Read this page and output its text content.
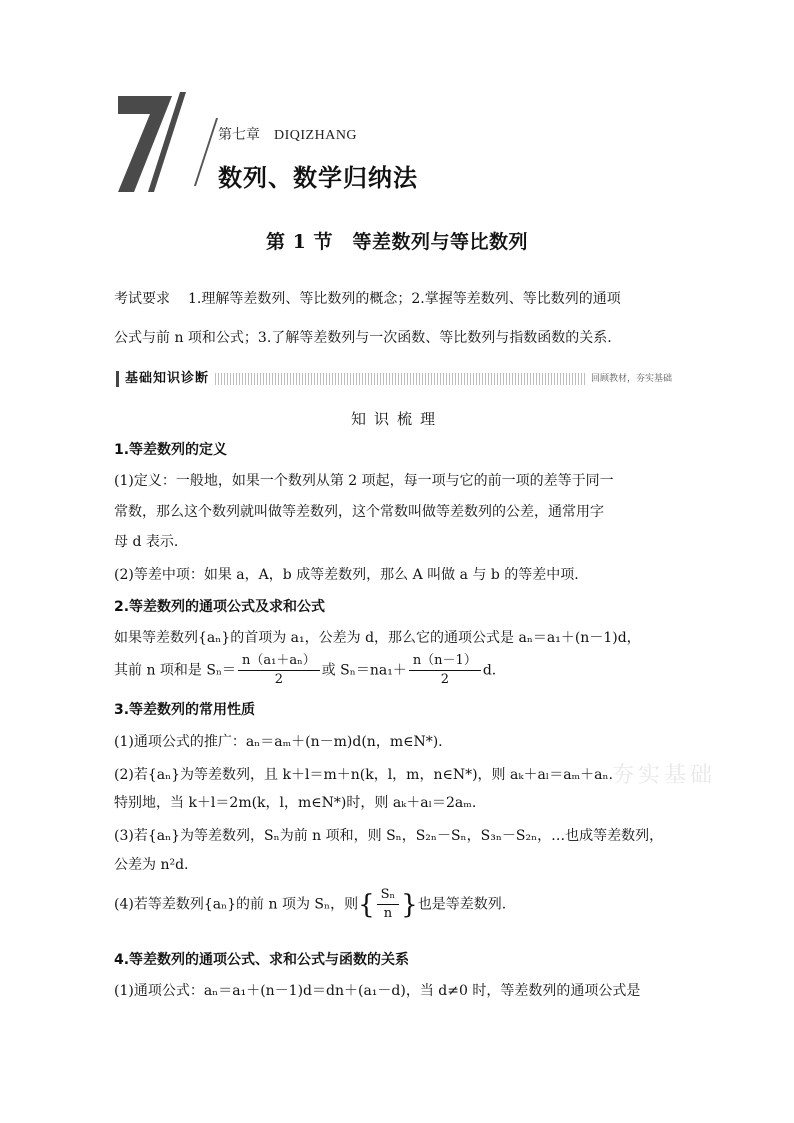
第七章 DIQIZHANG
数列、数学归纳法
第 1 节　等差数列与等比数列
考试要求 1.理解等差数列、等比数列的概念；2.掌握等差数列、等比数列的通项
公式与前 n 项和公式；3.了解等差数列与一次函数、等比数列与指数函数的关系.
基础知识诊断	回顾教材，夯实基础
知识梳理
1.等差数列的定义
(1)定义：一般地，如果一个数列从第 2 项起，每一项与它的前一项的差等于同一
常数，那么这个数列就叫做等差数列，这个常数叫做等差数列的公差，通常用字
母 d 表示.
(2)等差中项：如果 a，A，b 成等差数列，那么 A 叫做 a 与 b 的等差中项.
2.等差数列的通项公式及求和公式
如果等差数列{aₙ}的首项为 a₁，公差为 d，那么它的通项公式是 aₙ＝a₁＋(n－1)d，
其前 n 项和是 $S_n= \frac{\text{n（a₁＋aₙ）}}{2}$ 或 $S_n=na_1+ \frac{n(n-1)}{2} d$.
3.等差数列的常用性质
(1)通项公式的推广：aₙ＝aₘ＋(n－m)d(n，m∈N*).
(2)若{aₙ}为等差数列，且 k＋l＝m＋n(k，l，m，n∈N*)，则 aₖ＋aₗ＝aₘ＋aₙ.
特别地，当 k＋l＝2m(k，l，m∈N*)时，则 aₖ＋aₗ＝2aₘ.
(3)若{aₙ}为等差数列，Sₙ为前 n 项和，则 Sₙ，S₂ₙ－Sₙ，S₃ₙ－S₂ₙ，…也成等差数列，
公差为 n²d.
(4)若等差数列{aₙ}的前 n 项为 Sₙ，则{ $\frac{\text{Sₙ}}{n}$ }也是等差数列.
4.等差数列的通项公式、求和公式与函数的关系
(1)通项公式：aₙ＝a₁＋(n－1)d＝dn＋(a₁－d)，当 d≠0 时，等差数列的通项公式是
夯实基础
